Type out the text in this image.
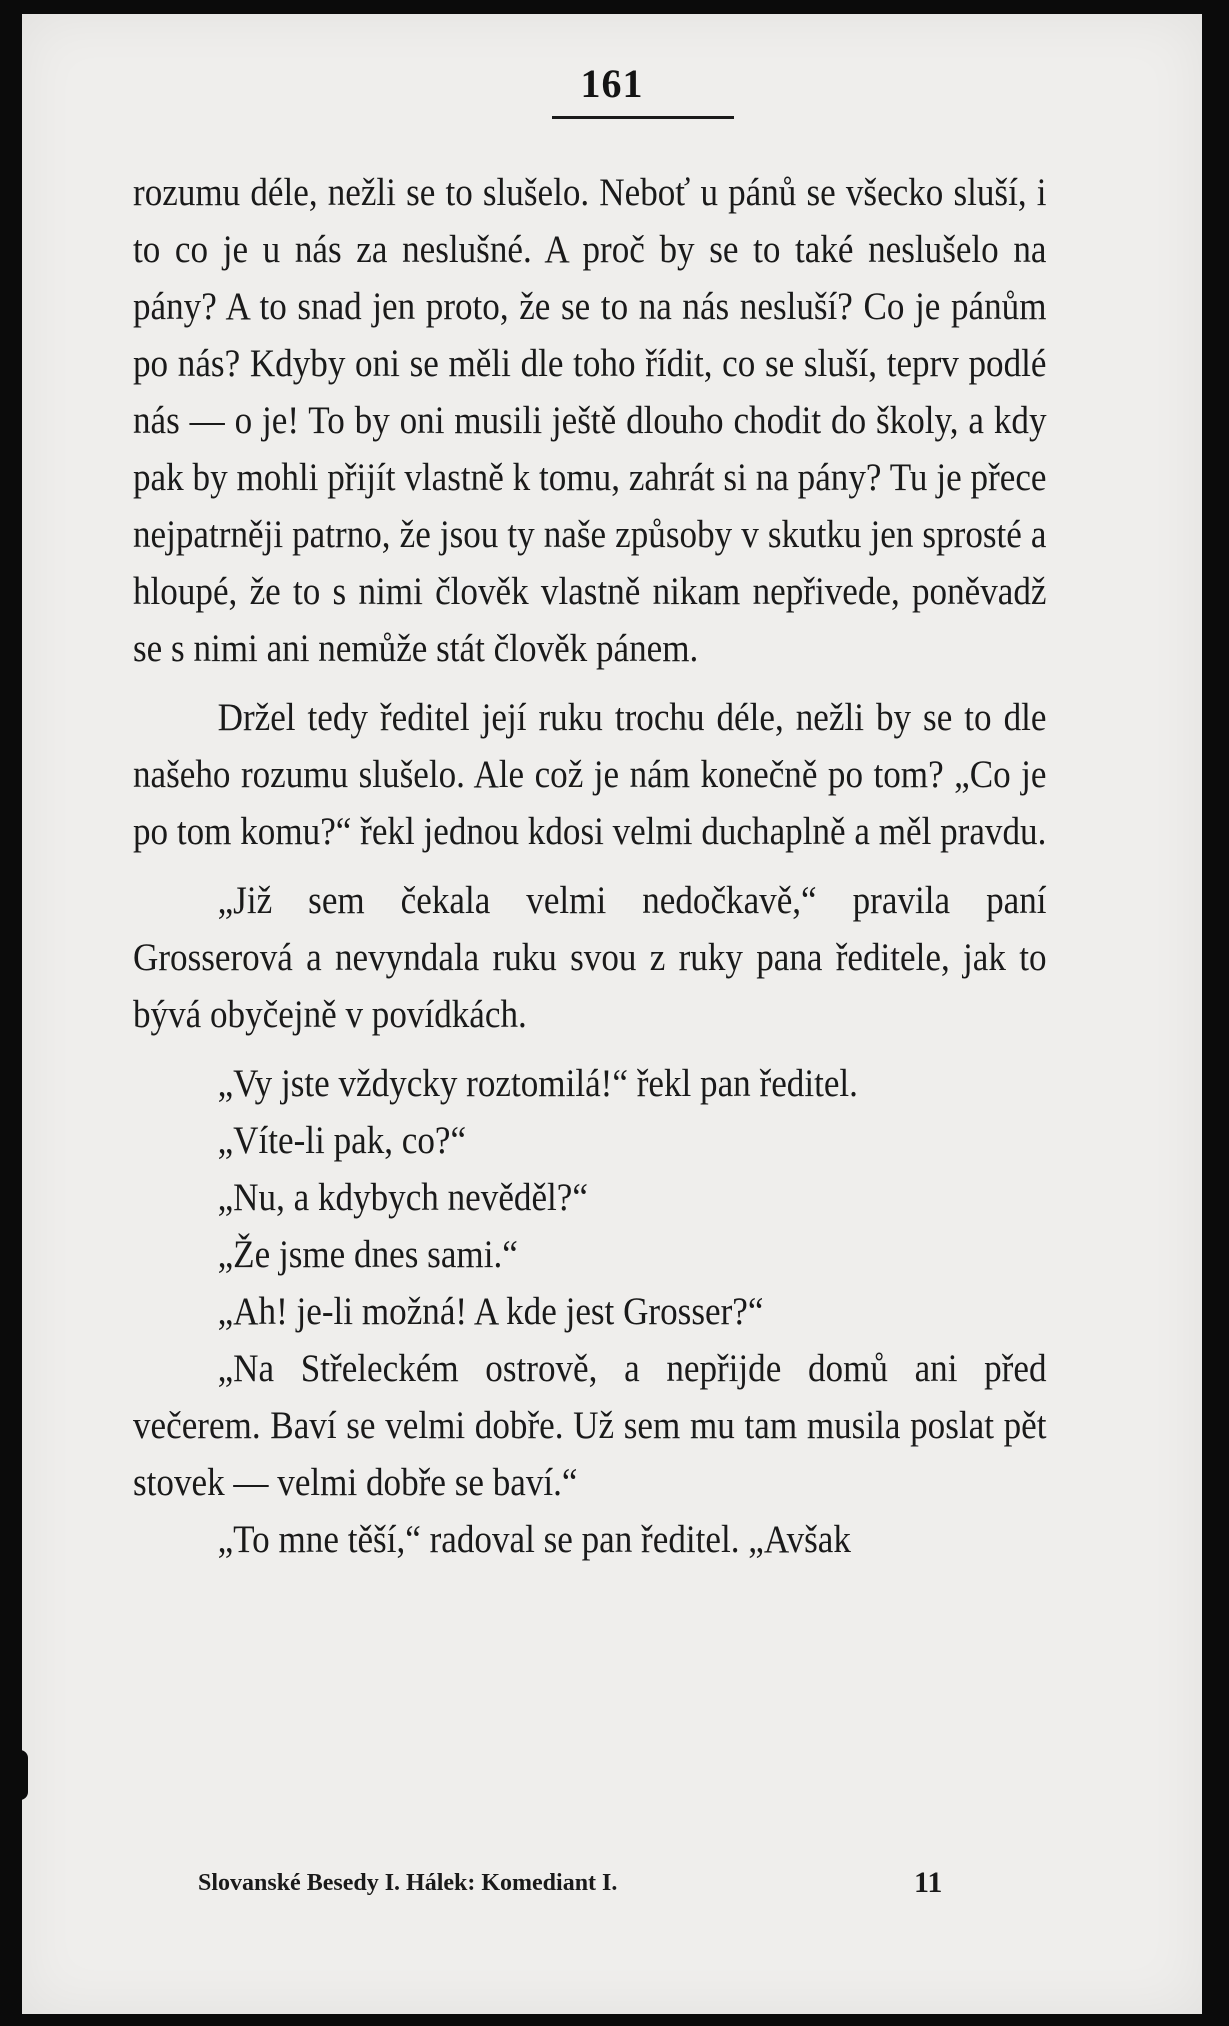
161

rozumu déle, nežli se to slušelo. Neboť u pánů se všecko sluší, i to co je u nás za neslušné. A proč by se to také neslušelo na pány? A to snad jen proto, že se to na nás nesluší? Co je pánům po nás? Kdyby oni se měli dle toho řídit, co se sluší, teprv podlé nás — o je! To by oni musili ještě dlouho chodit do školy, a kdy pak by mohli přijít vlastně k tomu, zahrát si na pány? Tu je přece nejpatrněji patrno, že jsou ty naše způsoby v skutku jen sprosté a hloupé, že to s nimi člověk vlastně nikam nepřivede, poněvadž se s nimi ani nemůže stát člověk pánem.

Držel tedy ředitel její ruku trochu déle, nežli by se to dle našeho rozumu slušelo. Ale což je nám konečně po tom? „Co je po tom komu?“ řekl jednou kdosi velmi duchaplně a měl pravdu.

„Již sem čekala velmi nedočkavě,“ pravila paní Grosserová a nevyndala ruku svou z ruky pana ředitele, jak to bývá obyčejně v povídkách.

„Vy jste vždycky roztomilá!“ řekl pan ředitel.

„Víte-li pak, co?“

„Nu, a kdybych nevěděl?“

„Že jsme dnes sami.“

„Ah! je-li možná! A kde jest Grosser?“

„Na Střeleckém ostrově, a nepřijde domů ani před večerem. Baví se velmi dobře. Už sem mu tam musila poslat pět stovek — velmi dobře se baví.“

„To mne těší,“ radoval se pan ředitel. „Avšak

Slovanské Besedy I. Hálek: Komediant I.	11
